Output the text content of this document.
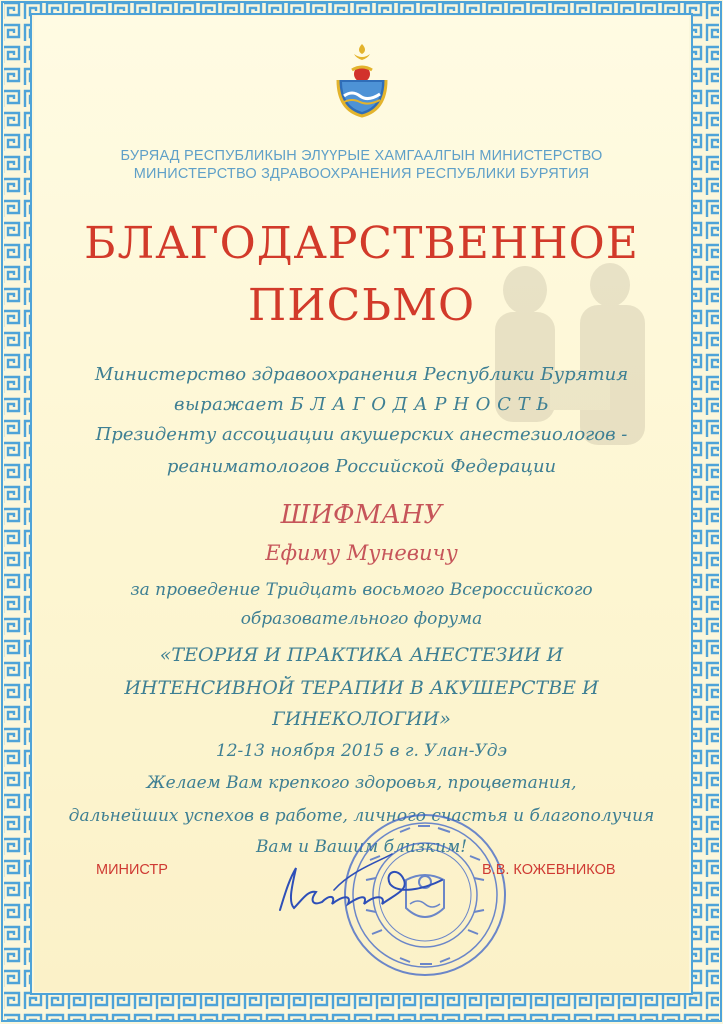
БУРЯАД РЕСПУБЛИКЫН ЭЛҮҮРЫЕ ХАМГААЛГЫН МИНИСТЕРСТВО
МИНИСТЕРСТВО ЗДРАВООХРАНЕНИЯ РЕСПУБЛИКИ БУРЯТИЯ
БЛАГОДАРСТВЕННОЕ
ПИСЬМО
Министерство здравоохранения Республики Бурятия
выражает Б Л А Г О Д А Р Н О С Т Ь
Президенту ассоциации акушерских анестезиологов -
реаниматологов Российской Федерации
ШИФМАНУ
Ефиму Муневичу
за проведение Тридцать восьмого Всероссийского
образовательного форума
«ТЕОРИЯ И ПРАКТИКА АНЕСТЕЗИИ И
ИНТЕНСИВНОЙ ТЕРАПИИ В АКУШЕРСТВЕ И
ГИНЕКОЛОГИИ»
12-13 ноября 2015 в г. Улан-Удэ
Желаем Вам крепкого здоровья, процветания,
дальнейших успехов в работе, личного счастья и благополучия
Вам и Вашим близким!
МИНИСТР	В.В. КОЖЕВНИКОВ
